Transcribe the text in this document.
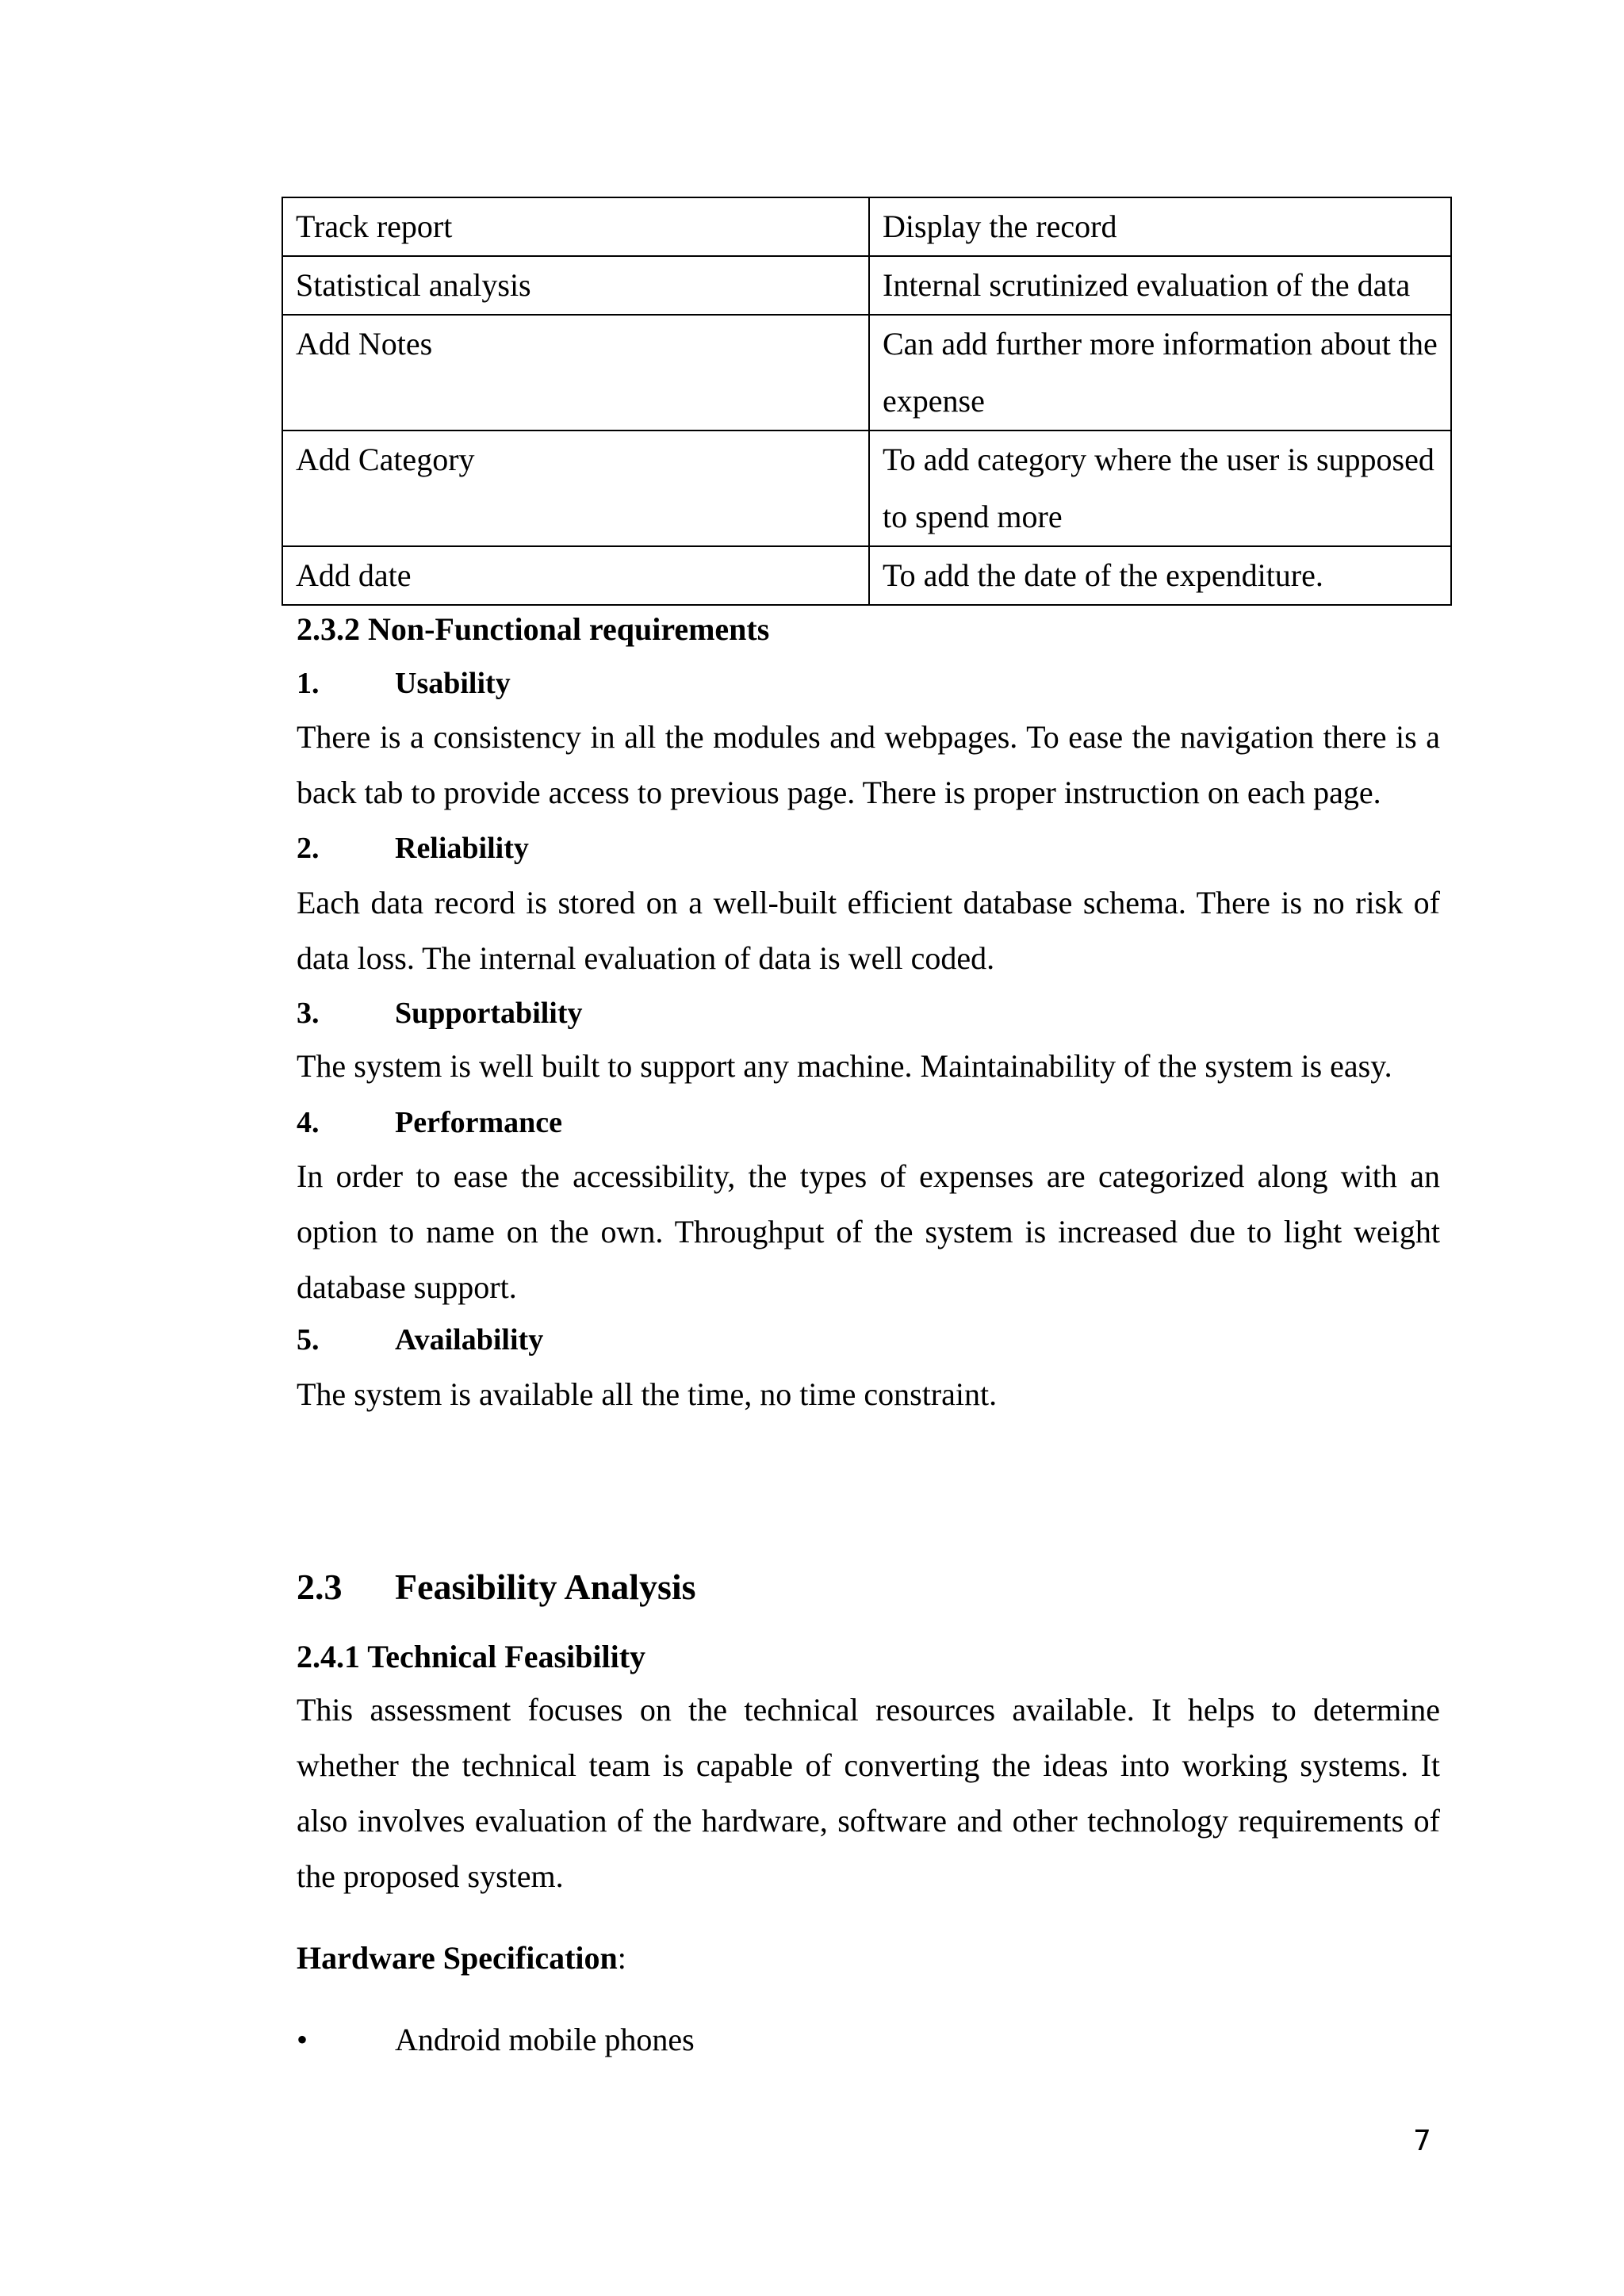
Track report	Display the record
Statistical analysis	Internal scrutinized evaluation of the data
Add Notes	Can add further more information about the expense
Add Category	To add category where the user is supposed to spend more
Add date	To add the date of the expenditure.
2.3.2 Non-Functional requirements
1.	Usability
There is a consistency in all the modules and webpages. To ease the navigation there is a back tab to provide access to previous page. There is proper instruction on each page.
2.	Reliability
Each data record is stored on a well-built efficient database schema. There is no risk of data loss. The internal evaluation of data is well coded.
3.	Supportability
The system is well built to support any machine. Maintainability of the system is easy.
4.	Performance
In order to ease the accessibility, the types of expenses are categorized along with an option to name on the own. Throughput of the system is increased due to light weight database support.
5.	Availability
The system is available all the time, no time constraint.
2.3 Feasibility Analysis
2.4.1 Technical Feasibility
This assessment focuses on the technical resources available. It helps to determine whether the technical team is capable of converting the ideas into working systems. It also involves evaluation of the hardware, software and other technology requirements of the proposed system.
Hardware Specification:
•	Android mobile phones
7
